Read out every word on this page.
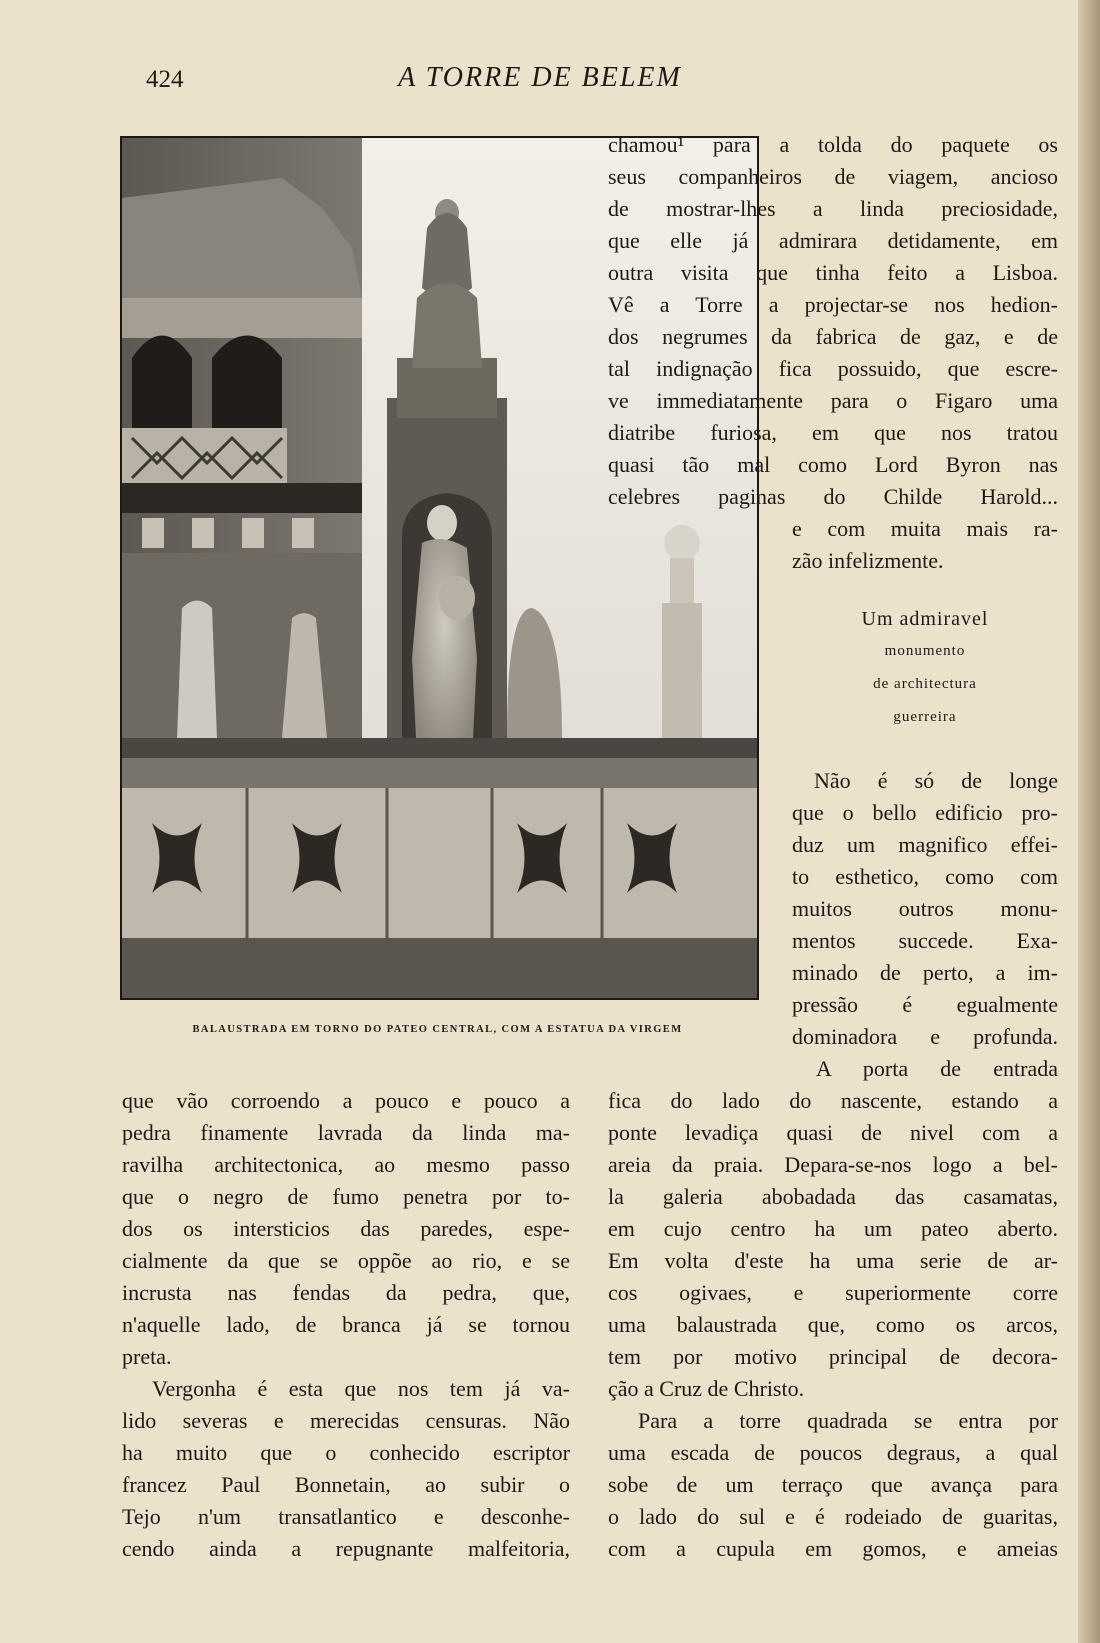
424	A TORRE DE BELEM
BALAUSTRADA EM TORNO DO PATEO CENTRAL, COM A ESTATUA DA VIRGEM
chamou¹ para a tolda do paquete os
seus companheiros de viagem, ancioso
de mostrar-lhes a linda preciosidade,
que elle já admirara detidamente, em
outra visita que tinha feito a Lisboa.
Vê a Torre a projectar-se nos hedion-
dos negrumes da fabrica de gaz, e de
tal indignação fica possuido, que escre-
ve immediatamente para o Figaro uma
diatribe furiosa, em que nos tratou
quasi tão mal como Lord Byron nas
celebres paginas do Childe Harold...
e com muita mais ra-
zão infelizmente.
Um admiravel
monumento
de architectura
guerreira
Não é só de longe
que o bello edificio pro-
duz um magnifico effei-
to esthetico, como com
muitos outros monu-
mentos succede. Exa-
minado de perto, a im-
pressão é egualmente
dominadora e profunda.
A porta de entrada
que vão corroendo a pouco e pouco a
pedra finamente lavrada da linda ma-
ravilha architectonica, ao mesmo passo
que o negro de fumo penetra por to-
dos os intersticios das paredes, espe-
cialmente da que se oppõe ao rio, e se
incrusta nas fendas da pedra, que,
n'aquelle lado, de branca já se tornou
preta.
Vergonha é esta que nos tem já va-
lido severas e merecidas censuras. Não
ha muito que o conhecido escriptor
francez Paul Bonnetain, ao subir o
Tejo n'um transatlantico e desconhe-
cendo ainda a repugnante malfeitoria,
fica do lado do nascente, estando a
ponte levadiça quasi de nivel com a
areia da praia. Depara-se-nos logo a bel-
la galeria abobadada das casamatas,
em cujo centro ha um pateo aberto.
Em volta d'este ha uma serie de ar-
cos ogivaes, e superiormente corre
uma balaustrada que, como os arcos,
tem por motivo principal de decora-
ção a Cruz de Christo.
Para a torre quadrada se entra por
uma escada de poucos degraus, a qual
sobe de um terraço que avança para
o lado do sul e é rodeiado de guaritas,
com a cupula em gomos, e ameias
